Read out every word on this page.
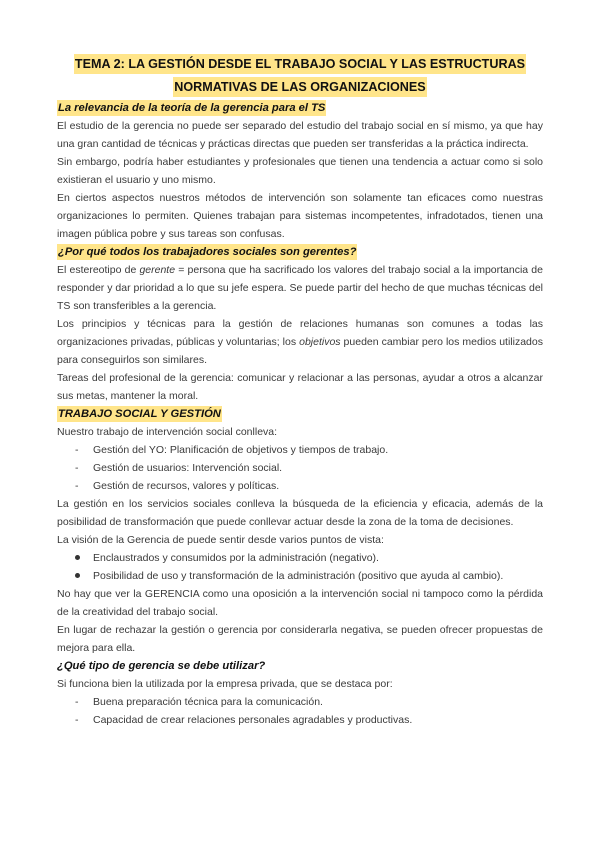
TEMA 2: LA GESTIÓN DESDE EL TRABAJO SOCIAL Y LAS ESTRUCTURAS
NORMATIVAS DE LAS ORGANIZACIONES
La relevancia de la teoría de la gerencia para el TS

El estudio de la gerencia no puede ser separado del estudio del trabajo social en sí mismo, ya que hay una gran cantidad de técnicas y prácticas directas que pueden ser transferidas a la práctica indirecta.

Sin embargo, podría haber estudiantes y profesionales que tienen una tendencia a actuar como si solo existieran el usuario y uno mismo.

En ciertos aspectos nuestros métodos de intervención son solamente tan eficaces como nuestras organizaciones lo permiten. Quienes trabajan para sistemas incompetentes, infradotados, tienen una imagen pública pobre y sus tareas son confusas.

¿Por qué todos los trabajadores sociales son gerentes?

El estereotipo de gerente = persona que ha sacrificado los valores del trabajo social a la importancia de responder y dar prioridad a lo que su jefe espera. Se puede partir del hecho de que muchas técnicas del TS son transferibles a la gerencia.

Los principios y técnicas para la gestión de relaciones humanas son comunes a todas las organizaciones privadas, públicas y voluntarias; los objetivos pueden cambiar pero los medios utilizados para conseguirlos son similares.

Tareas del profesional de la gerencia: comunicar y relacionar a las personas, ayudar a otros a alcanzar sus metas, mantener la moral.

TRABAJO SOCIAL Y GESTIÓN

Nuestro trabajo de intervención social conlleva:

-	Gestión del YO: Planificación de objetivos y tiempos de trabajo.
-	Gestión de usuarios: Intervención social.
-	Gestión de recursos, valores y políticas.

La gestión en los servicios sociales conlleva la búsqueda de la eficiencia y eficacia, además de la posibilidad de transformación que puede conllevar actuar desde la zona de la toma de decisiones.

La visión de la Gerencia de puede sentir desde varios puntos de vista:

Enclaustrados y consumidos por la administración (negativo).
Posibilidad de uso y transformación de la administración (positivo que ayuda al cambio).

No hay que ver la GERENCIA como una oposición a la intervención social ni tampoco como la pérdida de la creatividad del trabajo social.

En lugar de rechazar la gestión o gerencia por considerarla negativa, se pueden ofrecer propuestas de mejora para ella.

¿Qué tipo de gerencia se debe utilizar?

Si funciona bien la utilizada por la empresa privada, que se destaca por:

-	Buena preparación técnica para la comunicación.
-	Capacidad de crear relaciones personales agradables y productivas.
